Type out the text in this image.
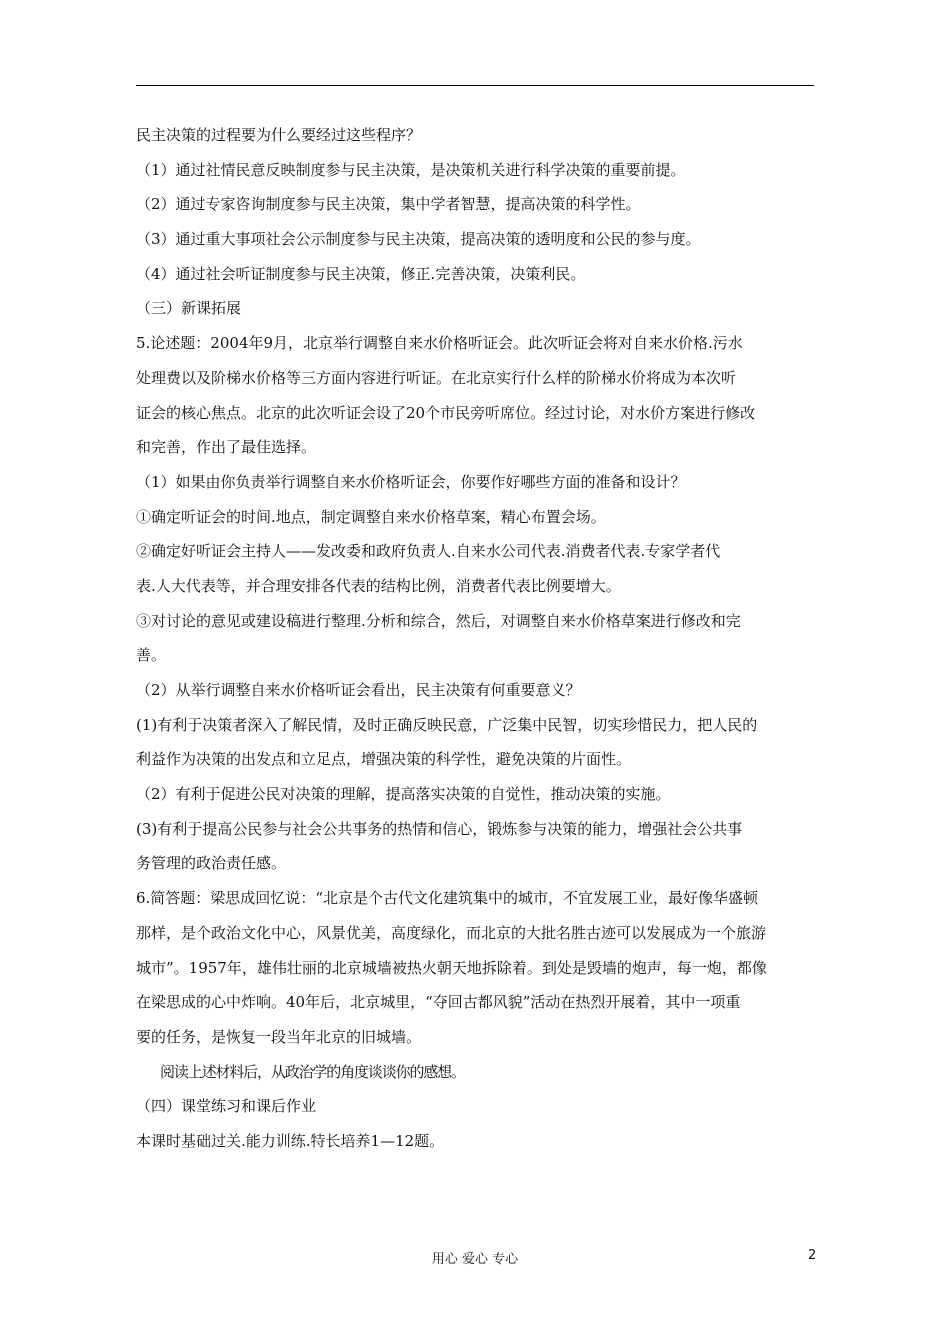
民主决策的过程要为什么要经过这些程序？
（1）通过社情民意反映制度参与民主决策，是决策机关进行科学决策的重要前提。
（2）通过专家咨询制度参与民主决策，集中学者智慧，提高决策的科学性。
（3）通过重大事项社会公示制度参与民主决策，提高决策的透明度和公民的参与度。
（4）通过社会听证制度参与民主决策，修正.完善决策，决策利民。
（三）新课拓展
5.论述题：2004年9月，北京举行调整自来水价格听证会。此次听证会将对自来水价格.污水
处理费以及阶梯水价格等三方面内容进行听证。在北京实行什么样的阶梯水价将成为本次听
证会的核心焦点。北京的此次听证会设了20个市民旁听席位。经过讨论，对水价方案进行修改
和完善，作出了最佳选择。
（1）如果由你负责举行调整自来水价格听证会，你要作好哪些方面的准备和设计？
①确定听证会的时间.地点，制定调整自来水价格草案，精心布置会场。
②确定好听证会主持人——发改委和政府负责人.自来水公司代表.消费者代表.专家学者代
表.人大代表等，并合理安排各代表的结构比例，消费者代表比例要增大。
③对讨论的意见或建设稿进行整理.分析和综合，然后，对调整自来水价格草案进行修改和完
善。
（2）从举行调整自来水价格听证会看出，民主决策有何重要意义？
(1)有利于决策者深入了解民情，及时正确反映民意，广泛集中民智，切实珍惜民力，把人民的
利益作为决策的出发点和立足点，增强决策的科学性，避免决策的片面性。
（2）有利于促进公民对决策的理解，提高落实决策的自觉性，推动决策的实施。
(3)有利于提高公民参与社会公共事务的热情和信心，锻炼参与决策的能力，增强社会公共事
务管理的政治责任感。
6.简答题：梁思成回忆说：“北京是个古代文化建筑集中的城市，不宜发展工业，最好像华盛顿
那样，是个政治文化中心，风景优美，高度绿化，而北京的大批名胜古迹可以发展成为一个旅游
城市”。1957年，雄伟壮丽的北京城墙被热火朝天地拆除着。到处是毁墙的炮声，每一炮，都像
在梁思成的心中炸响。40年后，北京城里，“夺回古都风貌”活动在热烈开展着，其中一项重
要的任务，是恢复一段当年北京的旧城墙。
阅读上述材料后，从政治学的角度谈谈你的感想。
（四）课堂练习和课后作业
本课时基础过关.能力训练.特长培养1—12题。
用心 爱心 专心	2
